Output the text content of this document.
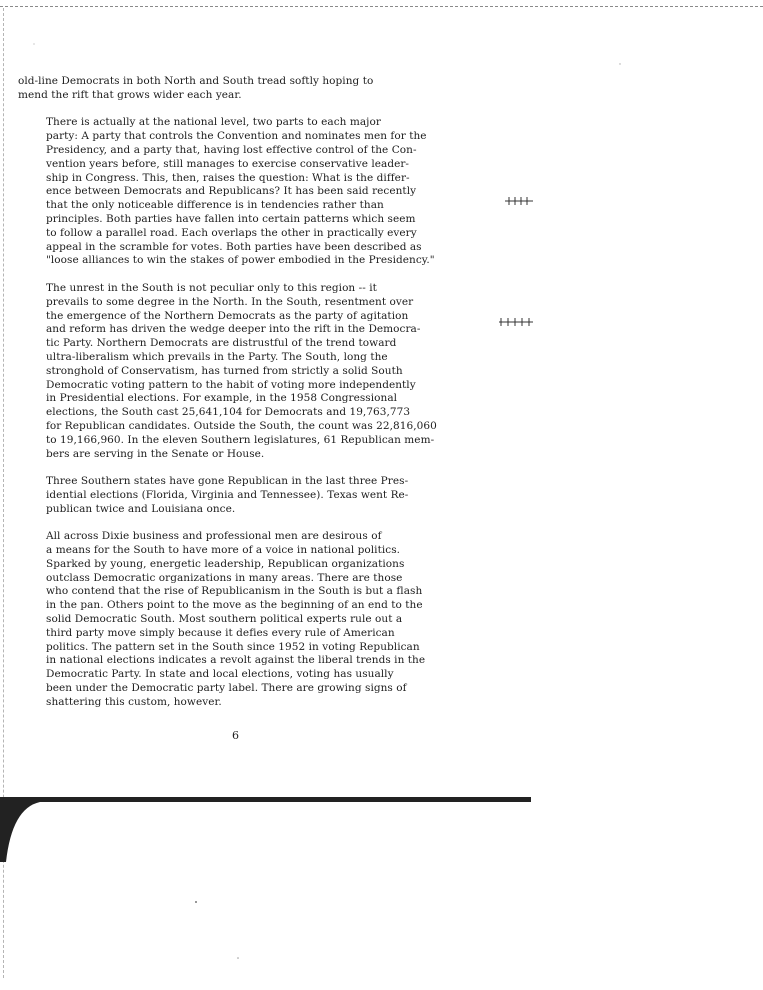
old-line Democrats in both North and South tread softly hoping to
mend the rift that grows wider each year.

There is actually at the national level, two parts to each major
party: A party that controls the Convention and nominates men for the
Presidency, and a party that, having lost effective control of the Con-
vention years before, still manages to exercise conservative leader-
ship in Congress. This, then, raises the question: What is the differ-
ence between Democrats and Republicans? It has been said recently
that the only noticeable difference is in tendencies rather than
principles. Both parties have fallen into certain patterns which seem
to follow a parallel road. Each overlaps the other in practically every
appeal in the scramble for votes. Both parties have been described as
"loose alliances to win the stakes of power embodied in the Presidency."

The unrest in the South is not peculiar only to this region -- it
prevails to some degree in the North. In the South, resentment over
the emergence of the Northern Democrats as the party of agitation
and reform has driven the wedge deeper into the rift in the Democra-
tic Party. Northern Democrats are distrustful of the trend toward
ultra-liberalism which prevails in the Party. The South, long the
stronghold of Conservatism, has turned from strictly a solid South
Democratic voting pattern to the habit of voting more independently
in Presidential elections. For example, in the 1958 Congressional
elections, the South cast 25,641,104 for Democrats and 19,763,773
for Republican candidates. Outside the South, the count was 22,816,060
to 19,166,960. In the eleven Southern legislatures, 61 Republican mem-
bers are serving in the Senate or House.

Three Southern states have gone Republican in the last three Pres-
idential elections (Florida, Virginia and Tennessee). Texas went Re-
publican twice and Louisiana once.

All across Dixie business and professional men are desirous of
a means for the South to have more of a voice in national politics.
Sparked by young, energetic leadership, Republican organizations
outclass Democratic organizations in many areas. There are those
who contend that the rise of Republicanism in the South is but a flash
in the pan. Others point to the move as the beginning of an end to the
solid Democratic South. Most southern political experts rule out a
third party move simply because it defies every rule of American
politics. The pattern set in the South since 1952 in voting Republican
in national elections indicates a revolt against the liberal trends in the
Democratic Party. In state and local elections, voting has usually
been under the Democratic party label. There are growing signs of
shattering this custom, however.

6
